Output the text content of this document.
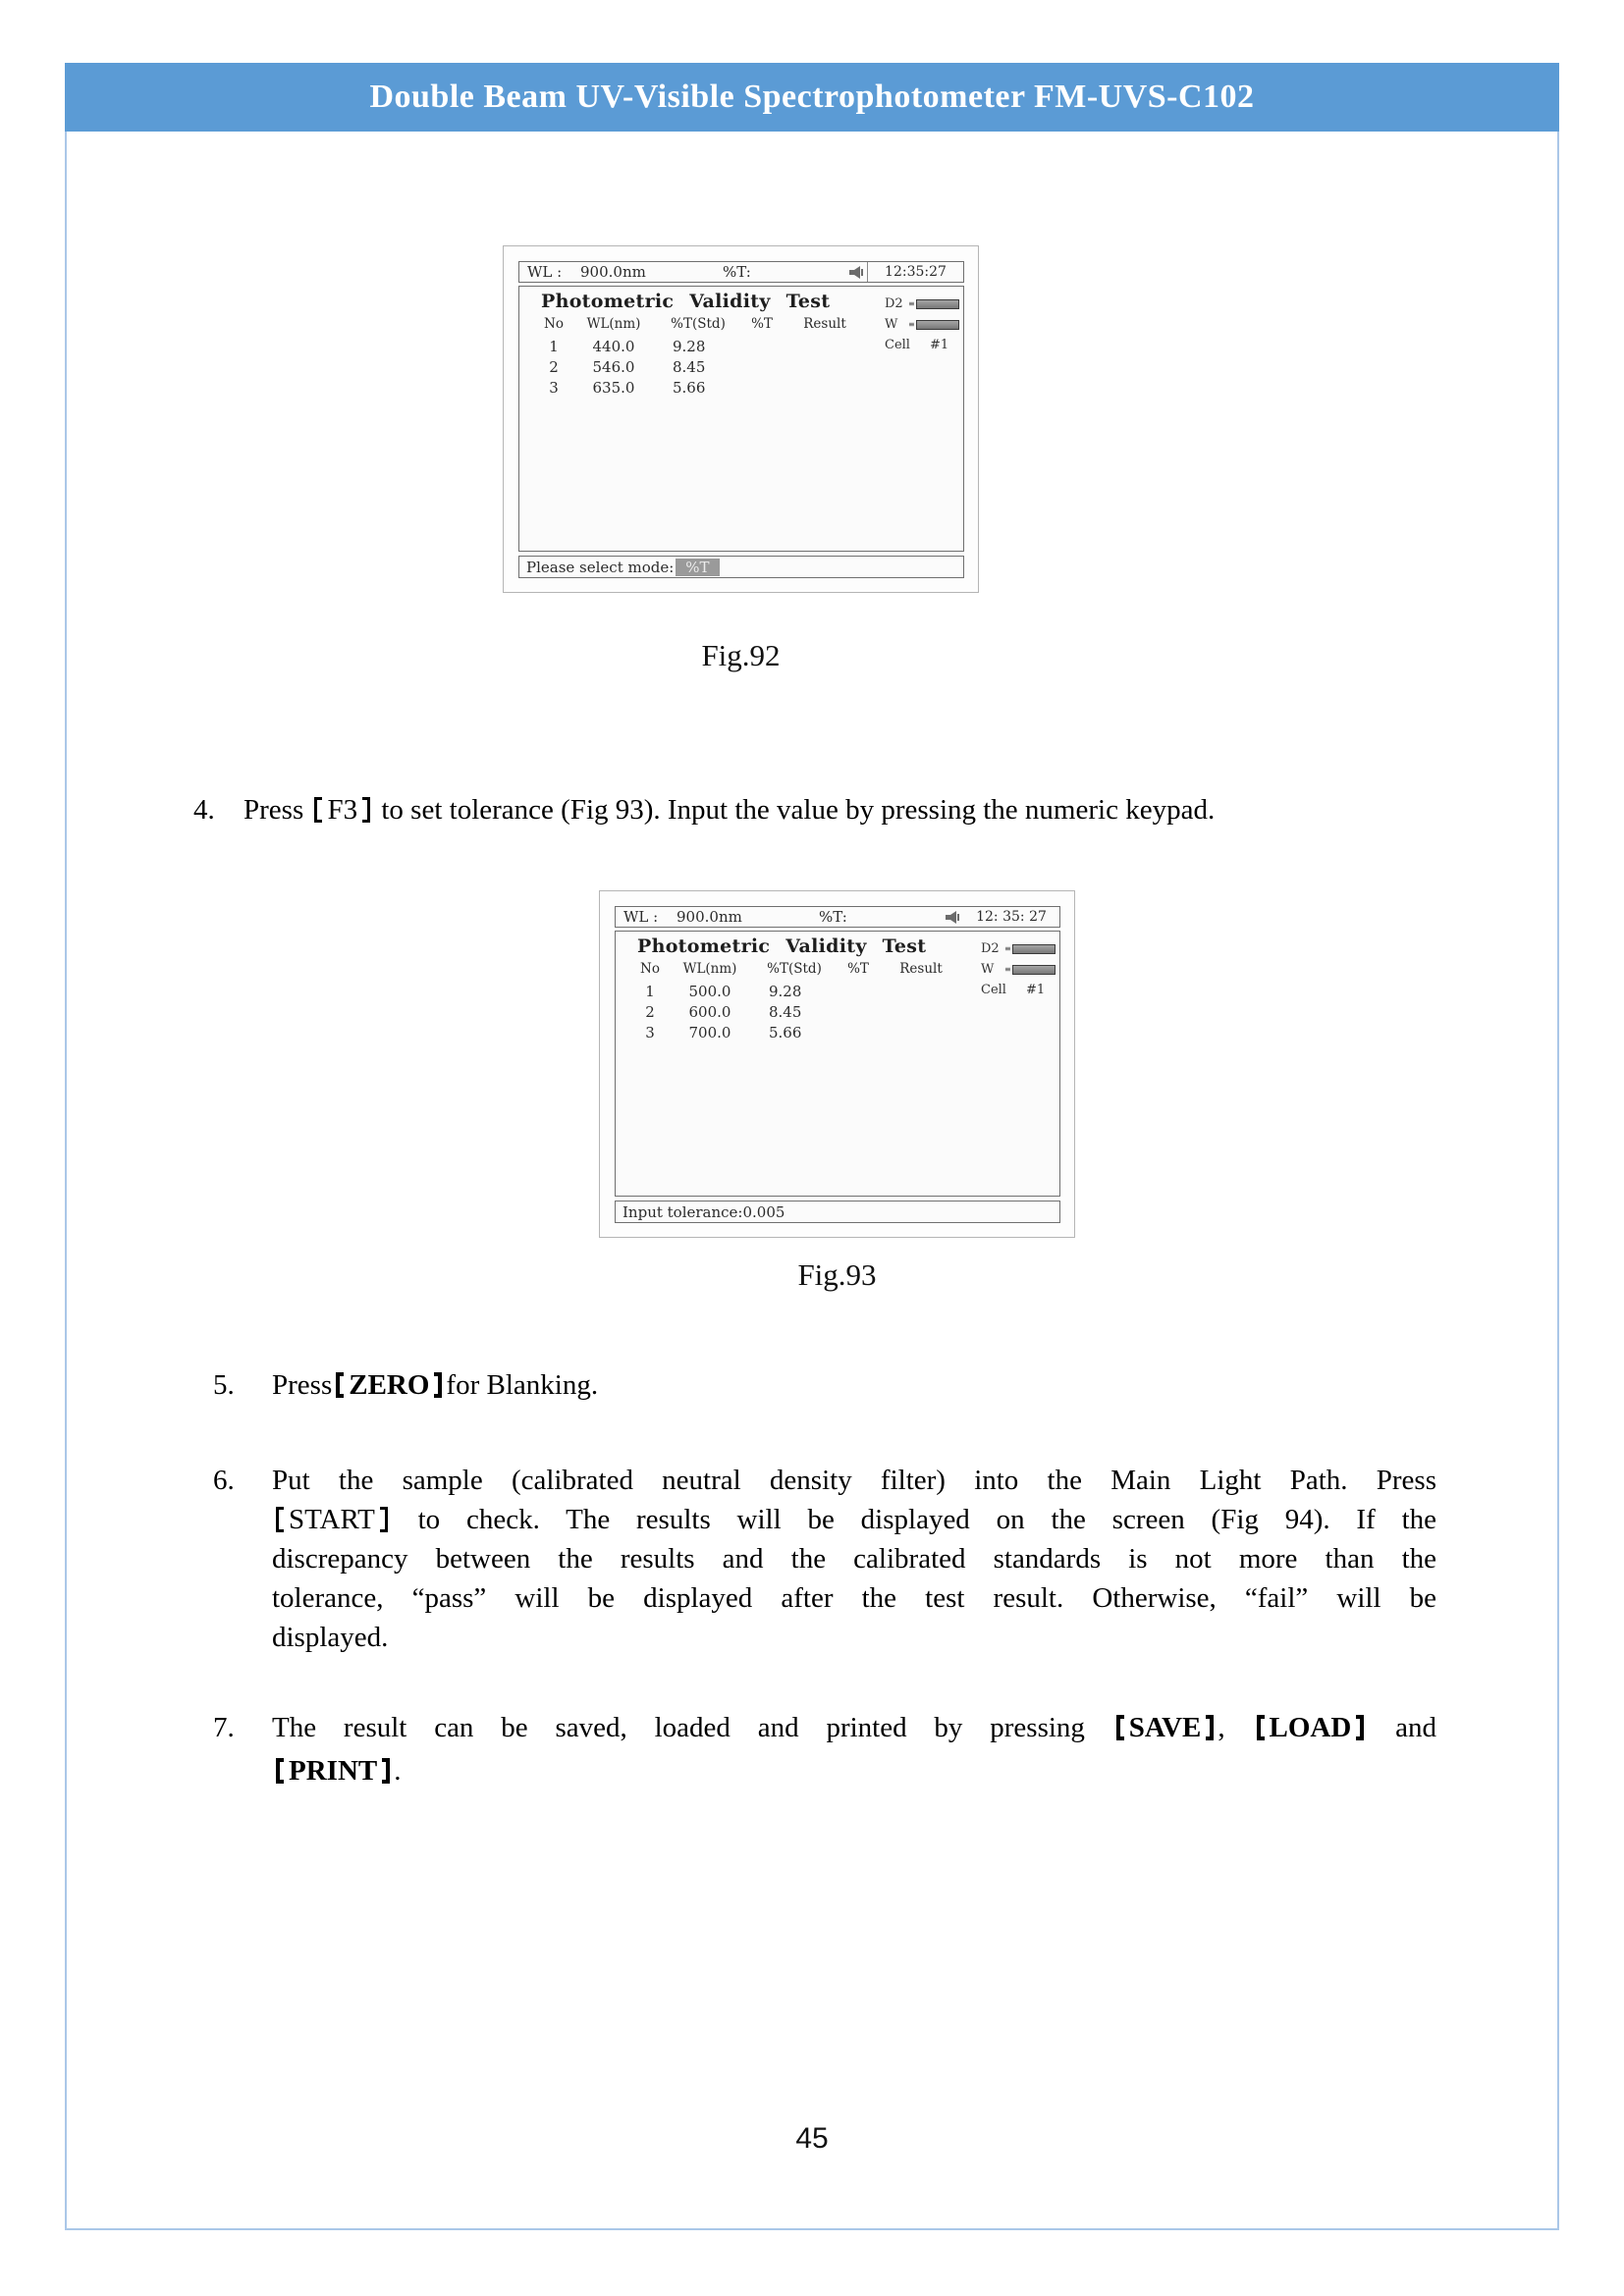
Double Beam UV-Visible Spectrophotometer FM-UVS-C102
WL : 900.0nm	%T:	12:35:27
Photometric Validity Test	D2 ≡
W	≡
Cell #1
No	WL(nm)	%T(Std)	%T	Result
1	440.0	9.28
2	546.0	8.45
3	635.0	5.66
Please select mode: %T
Fig.92
4. Press F3 to set tolerance (Fig 93). Input the value by pressing the numeric keypad.
WL : 900.0nm	%T:	12: 35: 27
Photometric Validity Test	D2 ≡
W	≡
Cell #1
No	WL(nm)	%T(Std)	%T	Result
1	500.0	9.28
2	600.0	8.45
3	700.0	5.66
Input tolerance:0.005
Fig.93
5. Press ZERO for Blanking.
6. Put the sample (calibrated neutral density filter) into the Main Light Path. Press
START to check. The results will be displayed on the screen (Fig 94). If the
discrepancy between the results and the calibrated standards is not more than the
tolerance, “pass” will be displayed after the test result. Otherwise, “fail” will be
displayed.
7. The result can be saved, loaded and printed by pressing SAVE , LOAD and
PRINT .
45
